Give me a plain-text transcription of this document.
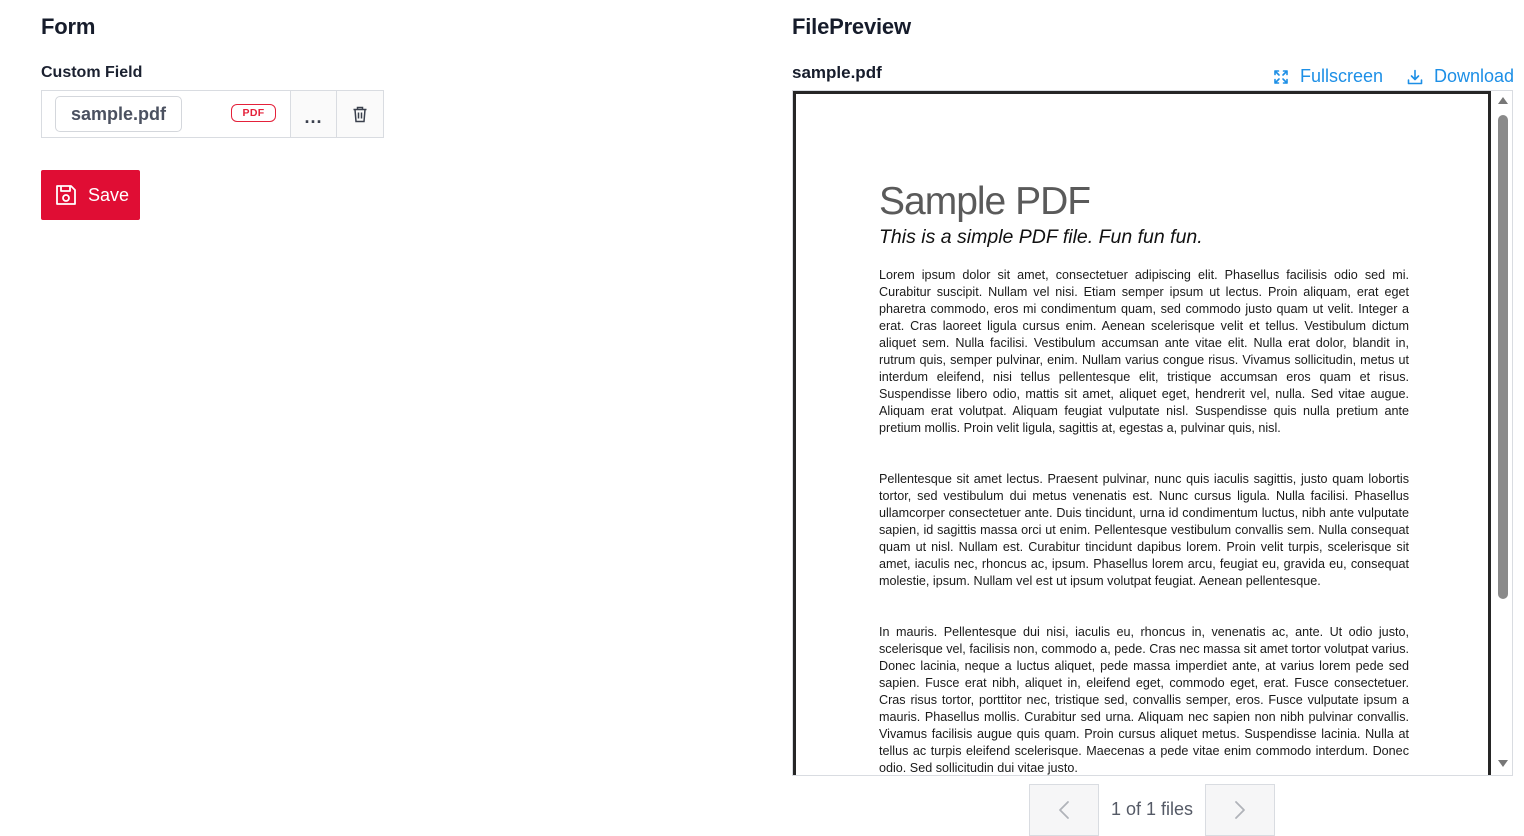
Form
Custom Field
sample.pdf	PDF	...
Save
FilePreview
sample.pdf	Fullscreen	Download
Sample PDF
This is a simple PDF file. Fun fun fun.

Lorem ipsum dolor sit amet, consectetuer adipiscing elit. Phasellus facilisis odio sed mi. Curabitur suscipit. Nullam vel nisi. Etiam semper ipsum ut lectus. Proin aliquam, erat eget pharetra commodo, eros mi condimentum quam, sed commodo justo quam ut velit. Integer a erat. Cras laoreet ligula cursus enim. Aenean scelerisque velit et tellus. Vestibulum dictum aliquet sem. Nulla facilisi. Vestibulum accumsan ante vitae elit. Nulla erat dolor, blandit in, rutrum quis, semper pulvinar, enim. Nullam varius congue risus. Vivamus sollicitudin, metus ut interdum eleifend, nisi tellus pellentesque elit, tristique accumsan eros quam et risus. Suspendisse libero odio, mattis sit amet, aliquet eget, hendrerit vel, nulla. Sed vitae augue. Aliquam erat volutpat. Aliquam feugiat vulputate nisl. Suspendisse quis nulla pretium ante pretium mollis. Proin velit ligula, sagittis at, egestas a, pulvinar quis, nisl.

Pellentesque sit amet lectus. Praesent pulvinar, nunc quis iaculis sagittis, justo quam lobortis tortor, sed vestibulum dui metus venenatis est. Nunc cursus ligula. Nulla facilisi. Phasellus ullamcorper consectetuer ante. Duis tincidunt, urna id condimentum luctus, nibh ante vulputate sapien, id sagittis massa orci ut enim. Pellentesque vestibulum convallis sem. Nulla consequat quam ut nisl. Nullam est. Curabitur tincidunt dapibus lorem. Proin velit turpis, scelerisque sit amet, iaculis nec, rhoncus ac, ipsum. Phasellus lorem arcu, feugiat eu, gravida eu, consequat molestie, ipsum. Nullam vel est ut ipsum volutpat feugiat. Aenean pellentesque.

In mauris. Pellentesque dui nisi, iaculis eu, rhoncus in, venenatis ac, ante. Ut odio justo, scelerisque vel, facilisis non, commodo a, pede. Cras nec massa sit amet tortor volutpat varius. Donec lacinia, neque a luctus aliquet, pede massa imperdiet ante, at varius lorem pede sed sapien. Fusce erat nibh, aliquet in, eleifend eget, commodo eget, erat. Fusce consectetuer. Cras risus tortor, porttitor nec, tristique sed, convallis semper, eros. Fusce vulputate ipsum a mauris. Phasellus mollis. Curabitur sed urna. Aliquam nec sapien non nibh pulvinar convallis. Vivamus facilisis augue quis quam. Proin cursus aliquet metus. Suspendisse lacinia. Nulla at tellus ac turpis eleifend scelerisque. Maecenas a pede vitae enim commodo interdum. Donec odio. Sed sollicitudin dui vitae justo.

1 of 1 files
